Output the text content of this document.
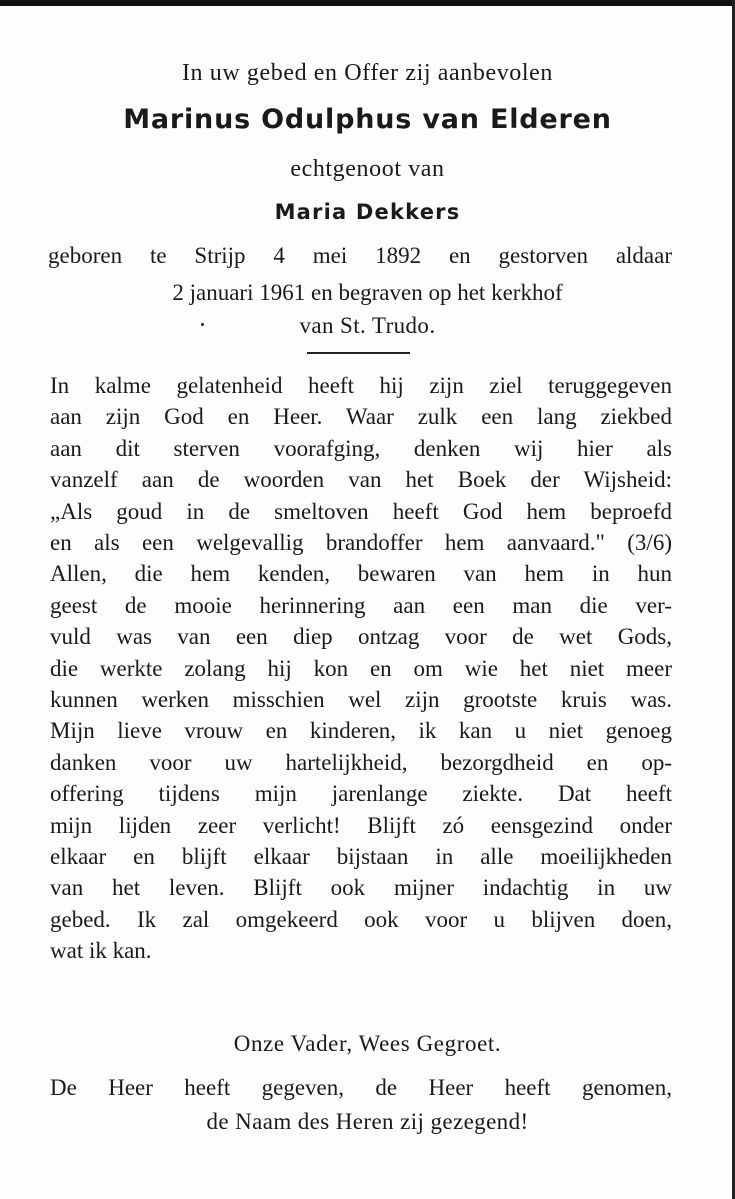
In uw gebed en Offer zij aanbevolen
Marinus Odulphus van Elderen
echtgenoot van
Maria Dekkers
geboren te Strijp 4 mei 1892 en gestorven aldaar
2 januari 1961 en begraven op het kerkhof
van St. Trudo.
In kalme gelatenheid heeft hij zijn ziel teruggegeven
aan zijn God en Heer. Waar zulk een lang ziekbed
aan dit sterven voorafging, denken wij hier als
vanzelf aan de woorden van het Boek der Wijsheid:
„Als goud in de smeltoven heeft God hem beproefd
en als een welgevallig brandoffer hem aanvaard." (3/6)
Allen, die hem kenden, bewaren van hem in hun
geest de mooie herinnering aan een man die ver-
vuld was van een diep ontzag voor de wet Gods,
die werkte zolang hij kon en om wie het niet meer
kunnen werken misschien wel zijn grootste kruis was.
Mijn lieve vrouw en kinderen, ik kan u niet genoeg
danken voor uw hartelijkheid, bezorgdheid en op-
offering tijdens mijn jarenlange ziekte. Dat heeft
mijn lijden zeer verlicht! Blijft zó eensgezind onder
elkaar en blijft elkaar bijstaan in alle moeilijkheden
van het leven. Blijft ook mijner indachtig in uw
gebed. Ik zal omgekeerd ook voor u blijven doen,
wat ik kan.
Onze Vader, Wees Gegroet.
De Heer heeft gegeven, de Heer heeft genomen,
de Naam des Heren zij gezegend!
